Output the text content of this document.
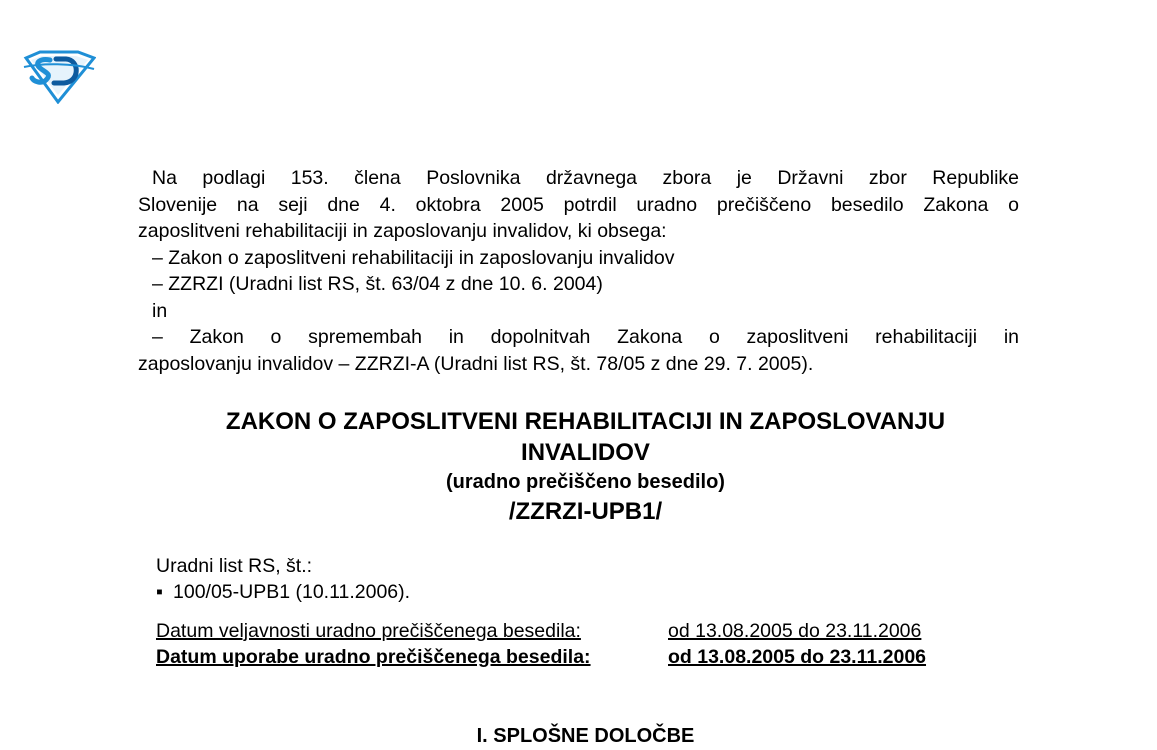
Na podlagi 153. člena Poslovnika državnega zbora je Državni zbor Republike

Slovenije na seji dne 4. oktobra 2005 potrdil uradno prečiščeno besedilo Zakona o

zaposlitveni rehabilitaciji in zaposlovanju invalidov, ki obsega:

– Zakon o zaposlitveni rehabilitaciji in zaposlovanju invalidov

– ZZRZI (Uradni list RS, št. 63/04 z dne 10. 6. 2004)

in

– Zakon o spremembah in dopolnitvah Zakona o zaposlitveni rehabilitaciji in

zaposlovanju invalidov – ZZRZI-A (Uradni list RS, št. 78/05 z dne 29. 7. 2005).

ZAKON O ZAPOSLITVENI REHABILITACIJI IN ZAPOSLOVANJU
INVALIDOV
(uradno prečiščeno besedilo)
/ZZRZI-UPB1/
Uradni list RS, št.:
▪ 100/05-UPB1 (10.11.2006).
Datum veljavnosti uradno prečiščenega besedila:	od 13.08.2005 do 23.11.2006
Datum uporabe uradno prečiščenega besedila:	od 13.08.2005 do 23.11.2006
I. SPLOŠNE DOLOČBE
